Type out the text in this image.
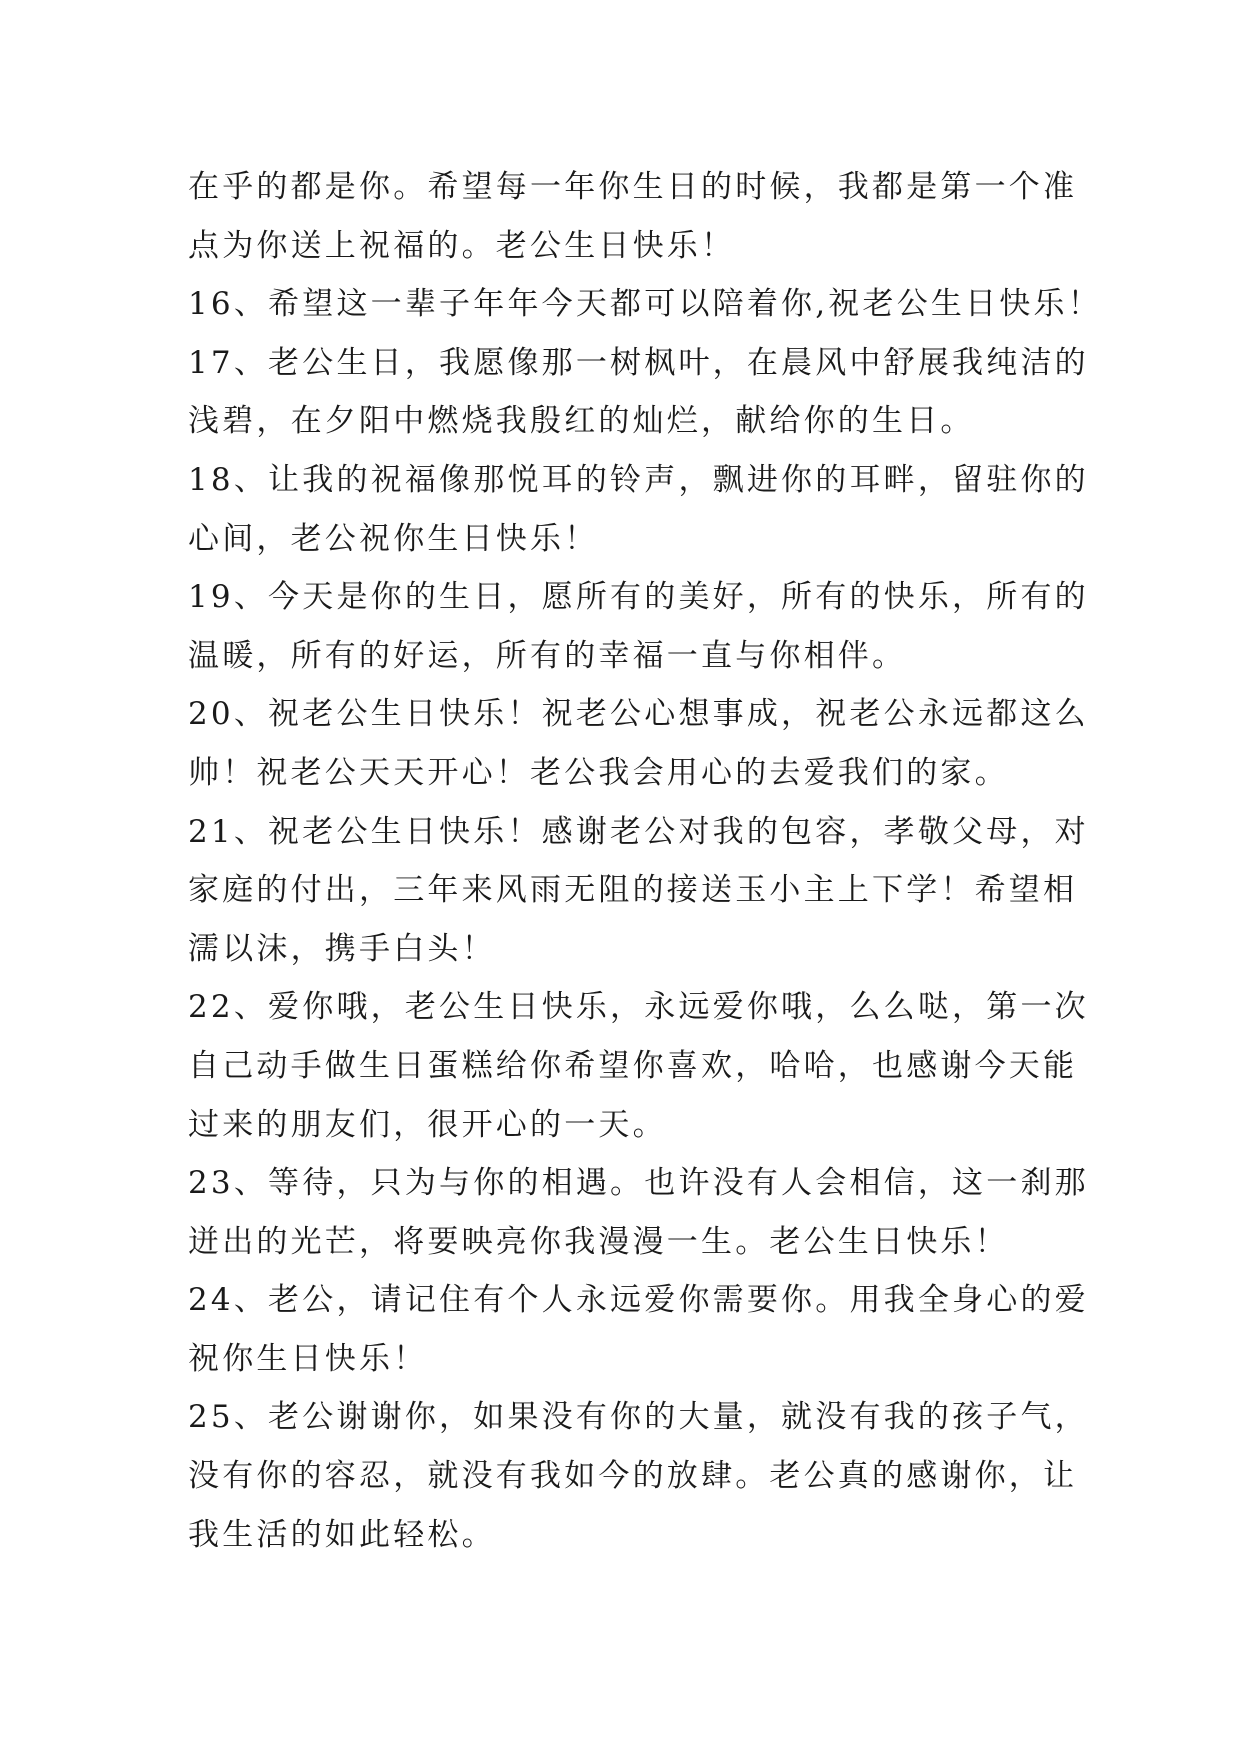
在乎的都是你。希望每一年你生日的时候，我都是第一个准
点为你送上祝福的。老公生日快乐！
16、希望这一辈子年年今天都可以陪着你,祝老公生日快乐！
17、老公生日，我愿像那一树枫叶，在晨风中舒展我纯洁的
浅碧，在夕阳中燃烧我殷红的灿烂，献给你的生日。
18、让我的祝福像那悦耳的铃声，飘进你的耳畔，留驻你的
心间，老公祝你生日快乐！
19、今天是你的生日，愿所有的美好，所有的快乐，所有的
温暖，所有的好运，所有的幸福一直与你相伴。
20、祝老公生日快乐！祝老公心想事成，祝老公永远都这么
帅！祝老公天天开心！老公我会用心的去爱我们的家。
21、祝老公生日快乐！感谢老公对我的包容，孝敬父母，对
家庭的付出，三年来风雨无阻的接送玉小主上下学！希望相
濡以沫，携手白头！
22、爱你哦，老公生日快乐，永远爱你哦，么么哒，第一次
自己动手做生日蛋糕给你希望你喜欢，哈哈，也感谢今天能
过来的朋友们，很开心的一天。
23、等待，只为与你的相遇。也许没有人会相信，这一刹那
迸出的光芒，将要映亮你我漫漫一生。老公生日快乐！
24、老公，请记住有个人永远爱你需要你。用我全身心的爱
祝你生日快乐！
25、老公谢谢你，如果没有你的大量，就没有我的孩子气，
没有你的容忍，就没有我如今的放肆。老公真的感谢你，让
我生活的如此轻松。
